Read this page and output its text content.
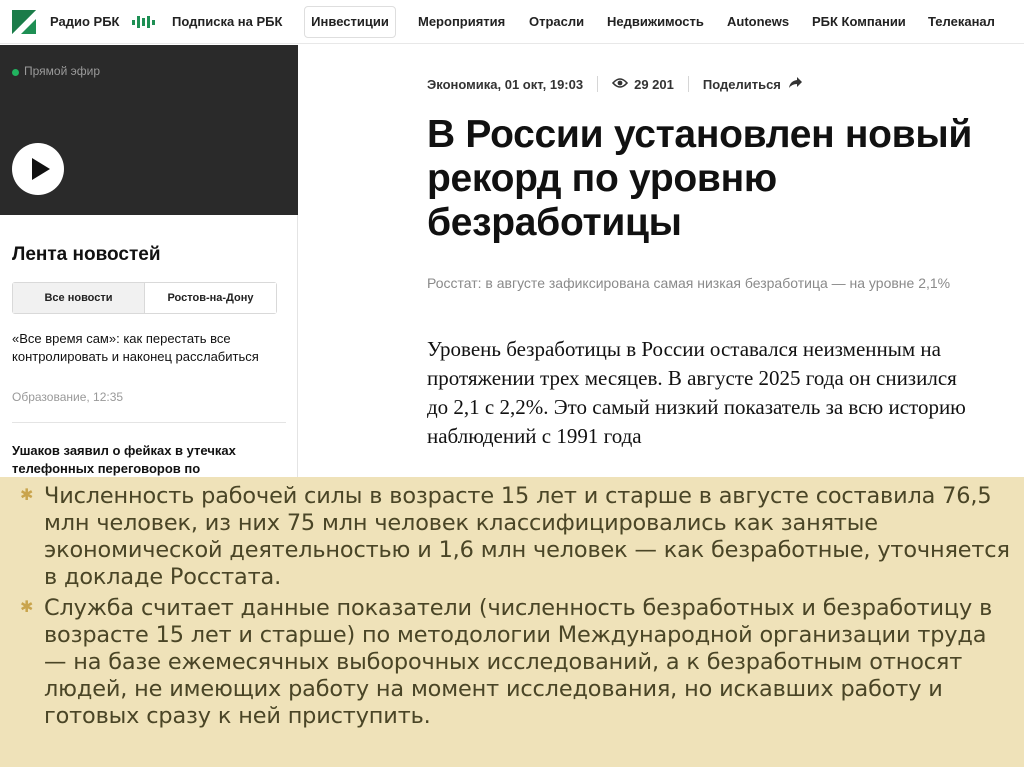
Радио РБК	Подписка на РБК	Инвестиции	Мероприятия Отрасли Недвижимость Autonews РБК Компании Телеканал
Прямой эфир
Лента новостей
Все новости	Ростов-на-Дону
«Все время сам»: как перестать все контролировать и наконец расслабиться
Образование, 12:35
Ушаков заявил о фейках в утечках телефонных переговоров по
Экономика, 01 окт, 19:03	29 201 Поделиться
В России установлен новый рекорд по уровню безработицы
Росстат: в августе зафиксирована самая низкая безработица — на уровне 2,1%
Уровень безработицы в России оставался неизменным на протяжении трех месяцев. В августе 2025 года он снизился до 2,1 с 2,2%. Это самый низкий показатель за всю историю наблюдений с 1991 года
✱ Численность рабочей силы в возрасте 15 лет и старше в августе составила 76,5 млн человек, из них 75 млн человек классифицировались как занятые экономической деятельностью и 1,6 млн человек — как безработные, уточняется в докладе Росстата.
✱ Служба считает данные показатели (численность безработных и безработицу в возрасте 15 лет и старше) по методологии Международной организации труда — на базе ежемесячных выборочных исследований, а к безработным относят людей, не имеющих работу на момент исследования, но искавших работу и готовых сразу к ней приступить.
